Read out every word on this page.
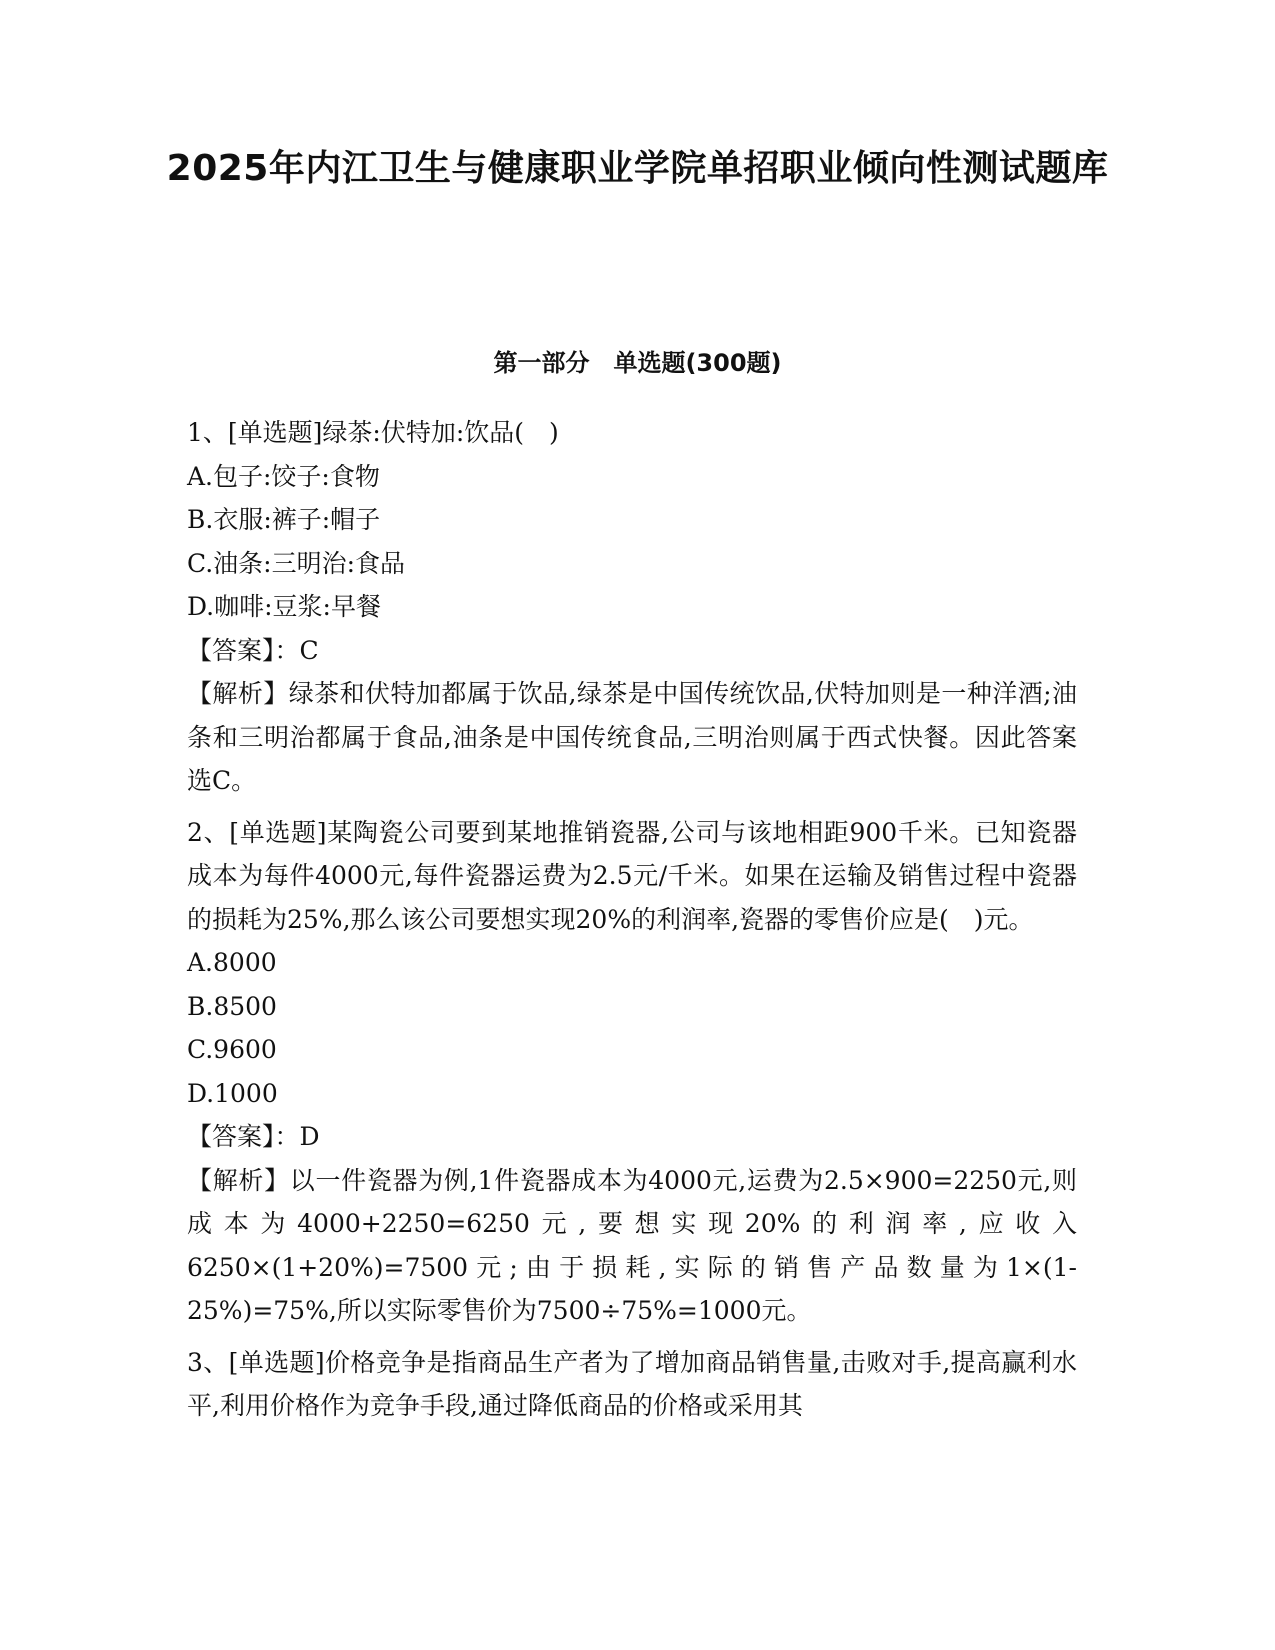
2025年内江卫生与健康职业学院单招职业倾向性测试题库
第一部分　单选题(300题)

1、[单选题]绿茶:伏特加:饮品(　)

A.包子:饺子:食物

B.衣服:裤子:帽子

C.油条:三明治:食品

D.咖啡:豆浆:早餐

【答案】：C

【解析】绿茶和伏特加都属于饮品,绿茶是中国传统饮品,伏特加则是一种洋酒;油条和三明治都属于食品,油条是中国传统食品,三明治则属于西式快餐。因此答案选C。

2、[单选题]某陶瓷公司要到某地推销瓷器,公司与该地相距900千米。已知瓷器成本为每件4000元,每件瓷器运费为2.5元/千米。如果在运输及销售过程中瓷器的损耗为25%,那么该公司要想实现20%的利润率,瓷器的零售价应是(　)元。

A.8000

B.8500

C.9600

D.1000

【答案】：D

【解析】以一件瓷器为例,1件瓷器成本为4000元,运费为2.5×900=2250元,则成本为4000+2250=6250元,要想实现20%的利润率,应收入6250×(1+20%)=7500元;由于损耗,实际的销售产品数量为1×(1-25%)=75%,所以实际零售价为7500÷75%=1000元。

3、[单选题]价格竞争是指商品生产者为了增加商品销售量,击败对手,提高赢利水平,利用价格作为竞争手段,通过降低商品的价格或采用其
